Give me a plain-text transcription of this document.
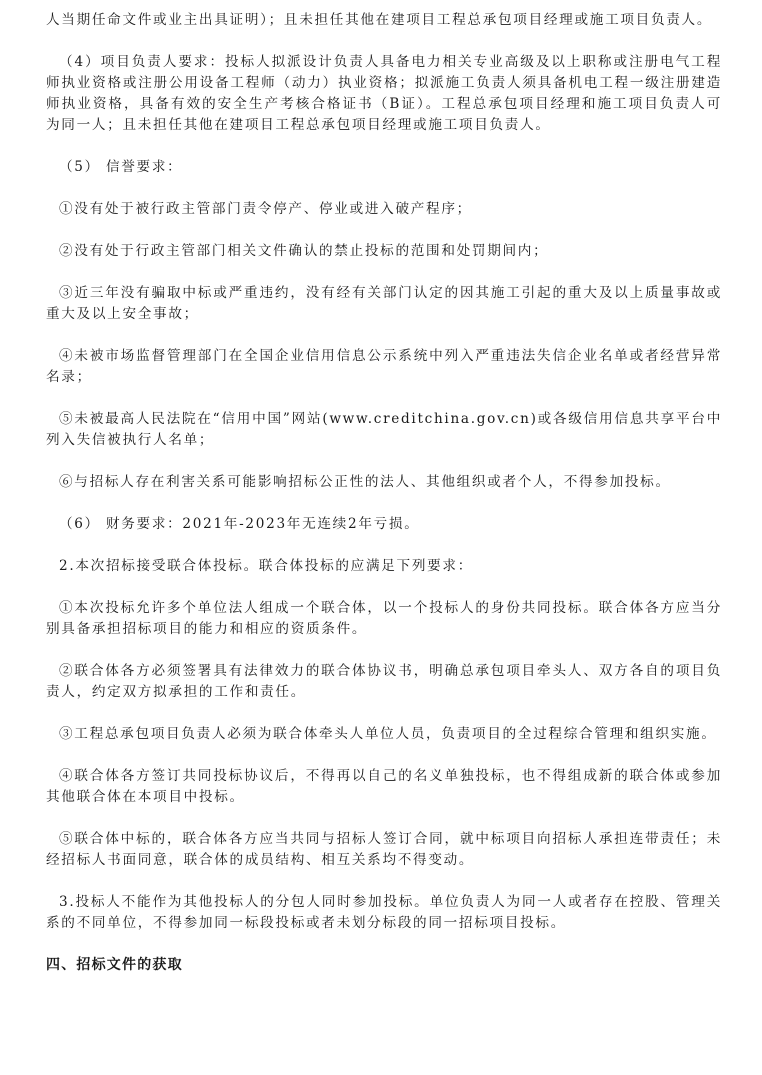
人当期任命文件或业主出具证明）；且未担任其他在建项目工程总承包项目经理或施工项目负责人。

（4）项目负责人要求：投标人拟派设计负责人具备电力相关专业高级及以上职称或注册电气工程师执业资格或注册公用设备工程师（动力）执业资格；拟派施工负责人须具备机电工程一级注册建造师执业资格，具备有效的安全生产考核合格证书（B证）。工程总承包项目经理和施工项目负责人可为同一人；且未担任其他在建项目工程总承包项目经理或施工项目负责人。

（5） 信誉要求：

①没有处于被行政主管部门责令停产、停业或进入破产程序；

②没有处于行政主管部门相关文件确认的禁止投标的范围和处罚期间内；

③近三年没有骗取中标或严重违约，没有经有关部门认定的因其施工引起的重大及以上质量事故或重大及以上安全事故；

④未被市场监督管理部门在全国企业信用信息公示系统中列入严重违法失信企业名单或者经营异常名录；

⑤未被最高人民法院在“信用中国”网站(www.creditchina.gov.cn)或各级信用信息共享平台中列入失信被执行人名单；

⑥与招标人存在利害关系可能影响招标公正性的法人、其他组织或者个人，不得参加投标。

（6） 财务要求：2021年-2023年无连续2年亏损。

2.本次招标接受联合体投标。联合体投标的应满足下列要求：

①本次投标允许多个单位法人组成一个联合体，以一个投标人的身份共同投标。联合体各方应当分别具备承担招标项目的能力和相应的资质条件。

②联合体各方必须签署具有法律效力的联合体协议书，明确总承包项目牵头人、双方各自的项目负责人，约定双方拟承担的工作和责任。

③工程总承包项目负责人必须为联合体牵头人单位人员，负责项目的全过程综合管理和组织实施。

④联合体各方签订共同投标协议后，不得再以自己的名义单独投标，也不得组成新的联合体或参加其他联合体在本项目中投标。

⑤联合体中标的，联合体各方应当共同与招标人签订合同，就中标项目向招标人承担连带责任；未经招标人书面同意，联合体的成员结构、相互关系均不得变动。

3.投标人不能作为其他投标人的分包人同时参加投标。单位负责人为同一人或者存在控股、管理关系的不同单位，不得参加同一标段投标或者未划分标段的同一招标项目投标。

四、招标文件的获取
